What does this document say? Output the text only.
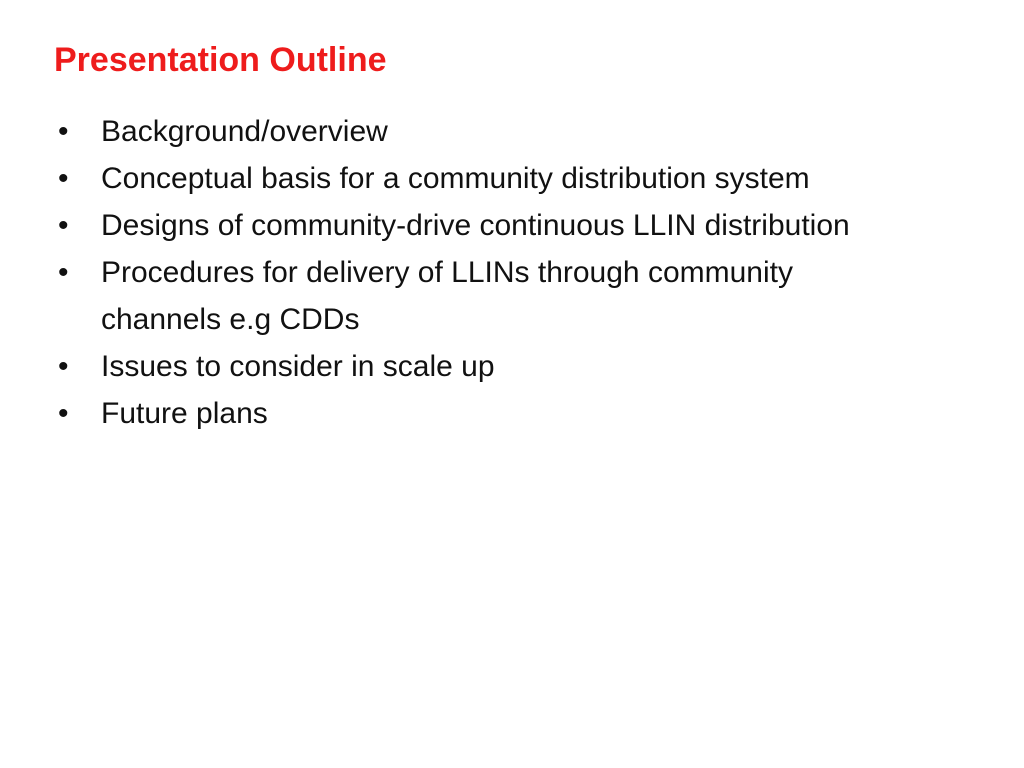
Presentation Outline
•	Background/overview
•	Conceptual basis for a community distribution system
•	Designs of community-drive continuous LLIN distribution
•	Procedures for delivery of LLINs through community channels e.g CDDs
•	Issues to consider in scale up
•	Future plans
